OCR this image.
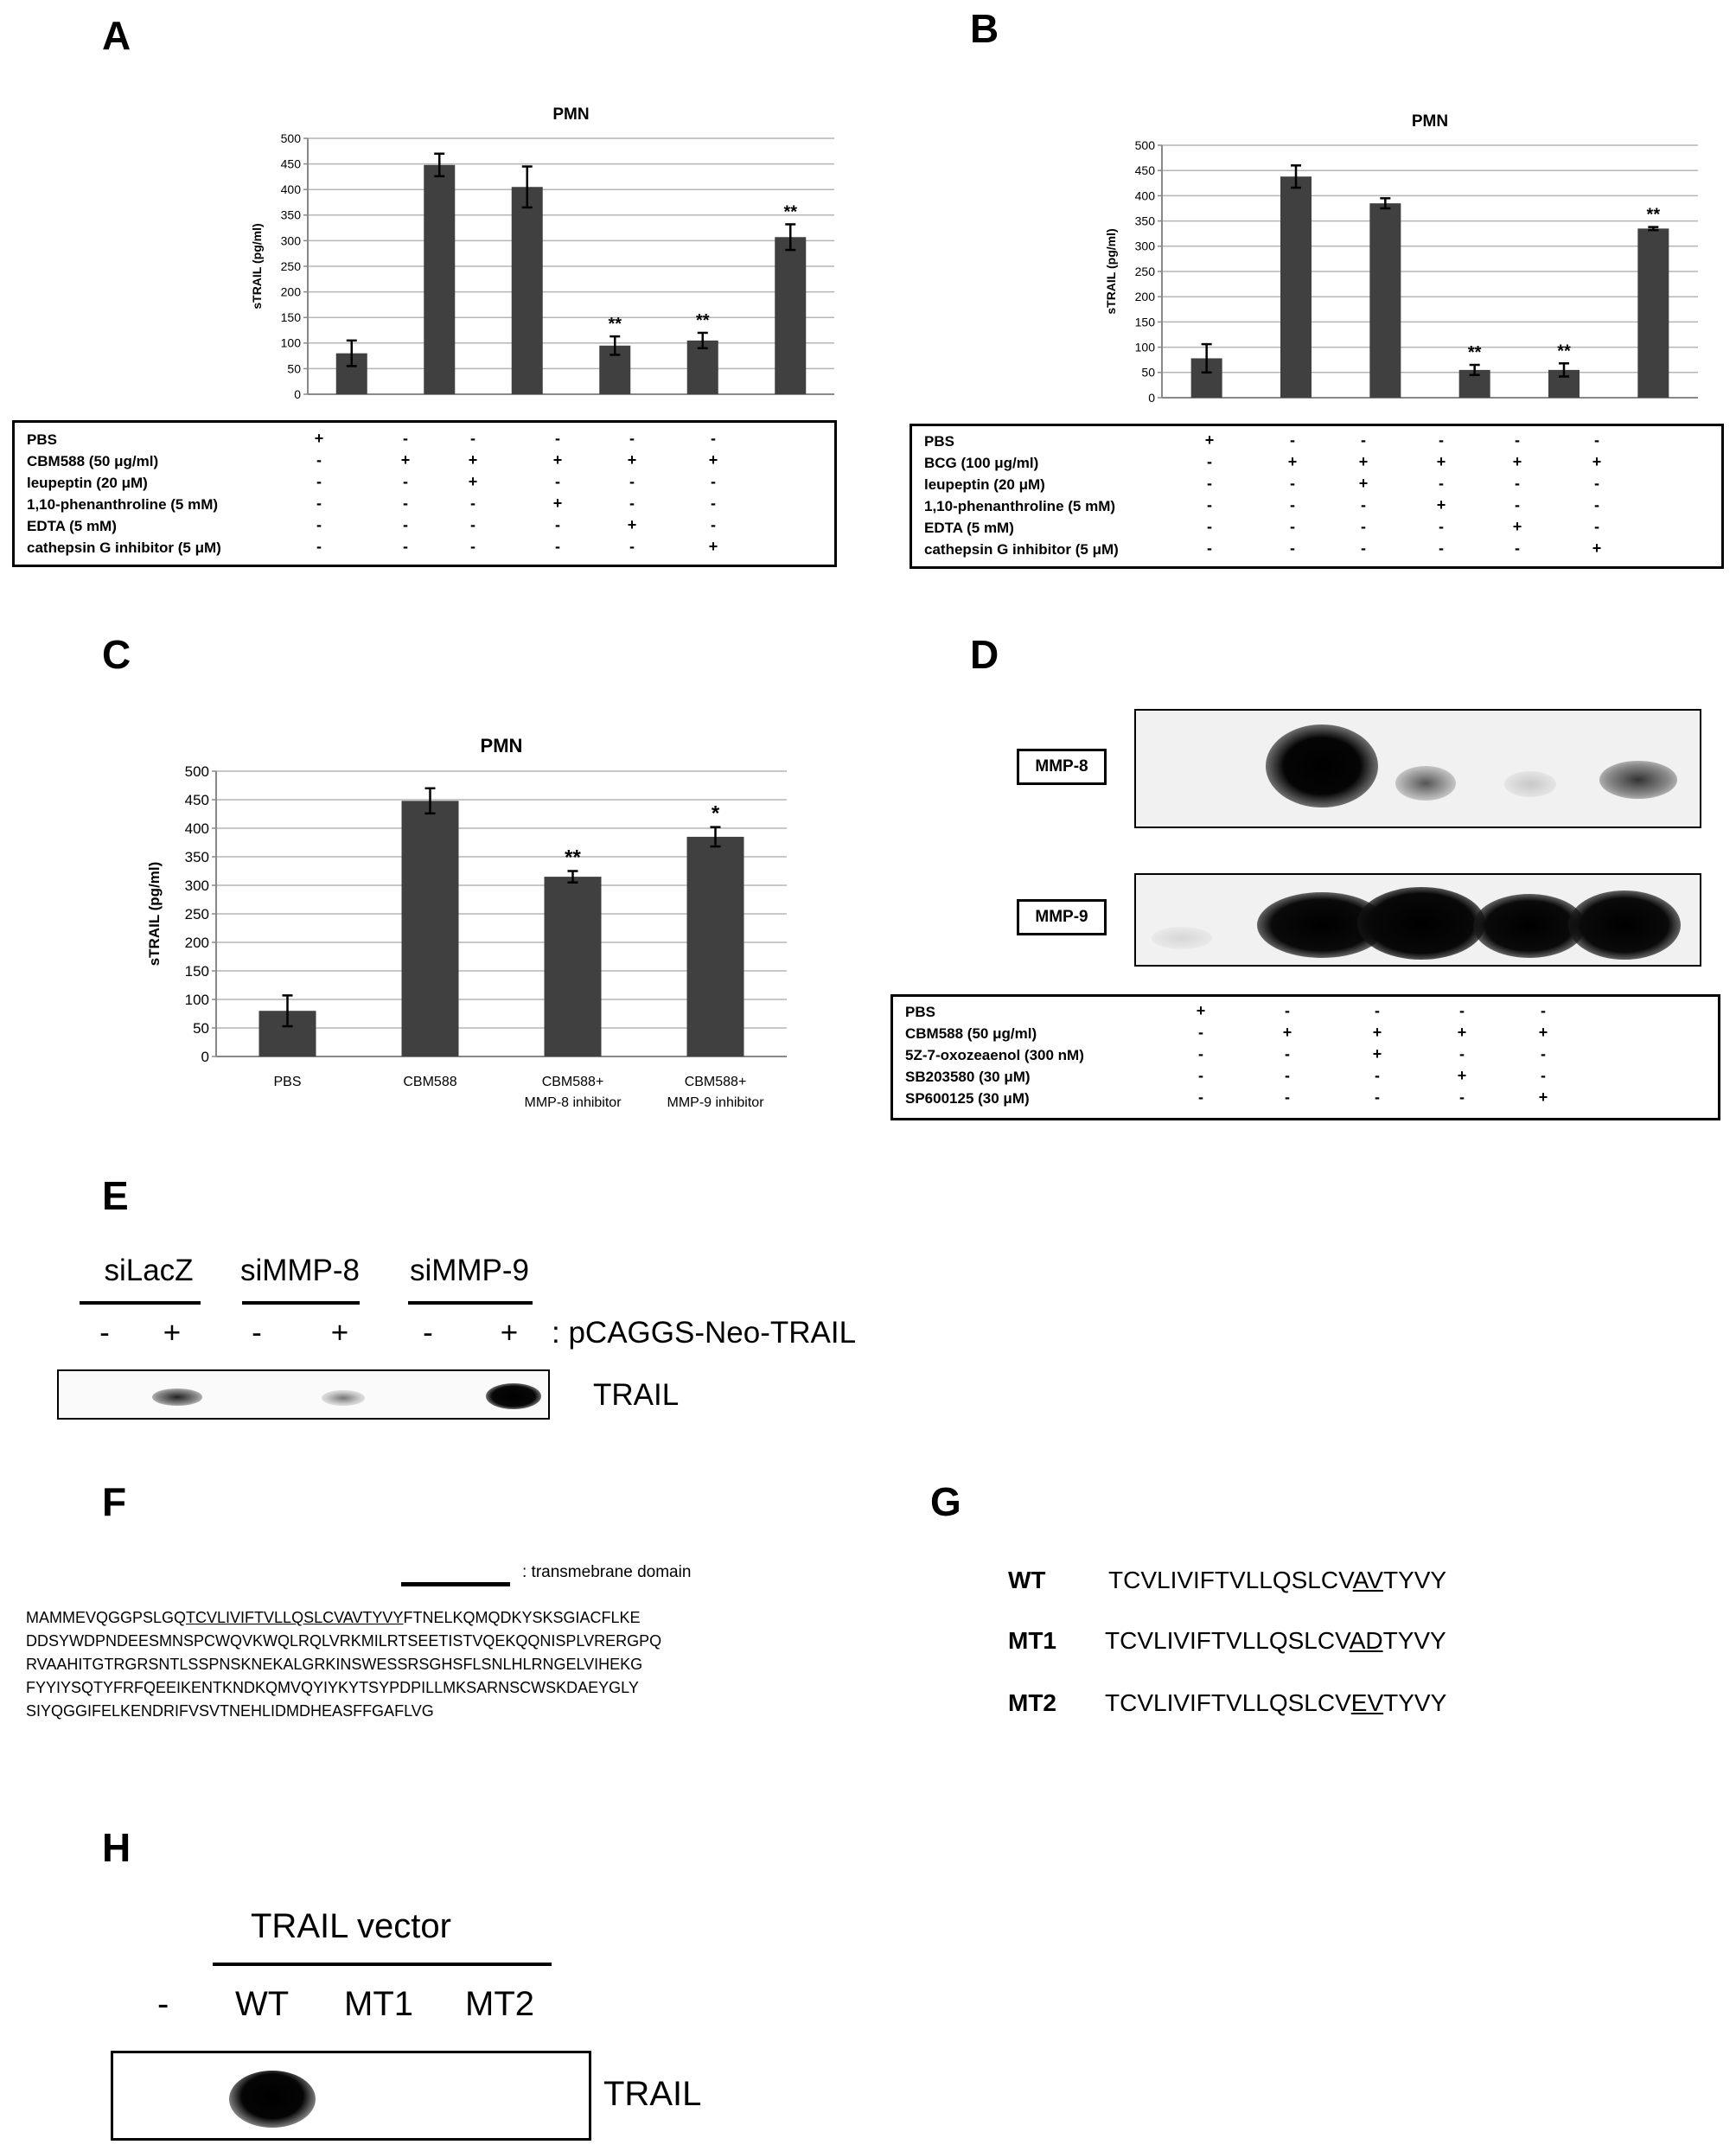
A	B
C	D
E
F	G
H
0
50
100
150
200
250
300
350
400
450
500
PMN
sTRAIL (pg/ml)
**	**
**
PBS	+	-	-	-	-	-
CBM588 (50 μg/ml)	-	+	+	+	+	+
leupeptin (20 μM)	-	-	+	-	-	-
1,10-phenanthroline (5 mM)	-	-	-	+	-	-
EDTA (5 mM)	-	-	-	-	+	-
cathepsin G inhibitor (5 μM)	-	-	-	-	-	+
0
50
100
150
200
250
300
350
400
450
500
PMN
sTRAIL (pg/ml)
**	**
**
PBS	+	-	-	-	-	-
BCG (100 μg/ml)	-	+	+	+	+	+
leupeptin (20 μM)	-	-	+	-	-	-
1,10-phenanthroline (5 mM)	-	-	-	+	-	-
EDTA (5 mM)	-	-	-	-	+	-
cathepsin G inhibitor (5 μM)	-	-	-	-	-	+
0
50
100
150
200
250
300
350
400
450
500
PMN
sTRAIL (pg/ml)
PBS	CBM588
**
CBM588+
MMP-8 inhibitor
*
CBM588+
MMP-9 inhibitor
MMP-8
MMP-9
PBS	+	-	-	-	-
CBM588 (50 μg/ml)	-	+	+	+	+
5Z-7-oxozeaenol (300 nM)	-	-	+	-	-
SB203580 (30 μM)	-	-	-	+	-
SP600125 (30 μM)	-	-	-	-	+
siLacZ siMMP-8 siMMP-9
- + - + - + : pCAGGS-Neo-TRAIL
TRAIL
: transmebrane domain
MAMMEVQGGPSLGQTCVLIVIFTVLLQSLCVAVTYVYFTNELKQMQDKYSKSGIACFLKE
DDSYWDPNDEESMNSPCWQVKWQLRQLVRKMILRTSEETISTVQEKQQNISPLVRERGPQ
RVAAHITGTRGRSNTLSSPNSKNEKALGRKINSWESSRSGHSFLSNLHLRNGELVIHEKG
FYYIYSQTYFRFQEEIKENTKNDKQMVQYIYKYTSYPDPILLMKSARNSCWSKDAEYGLY
SIYQGGIFELKENDRIFVSVTNEHLIDMDHEASFFGAFLVG
WT	TCVLIVIFTVLLQSLCVAVTYVY
MT1 TCVLIVIFTVLLQSLCVADTYVY
MT2 TCVLIVIFTVLLQSLCVEVTYVY
TRAIL vector
- WT MT1 MT2
TRAIL
